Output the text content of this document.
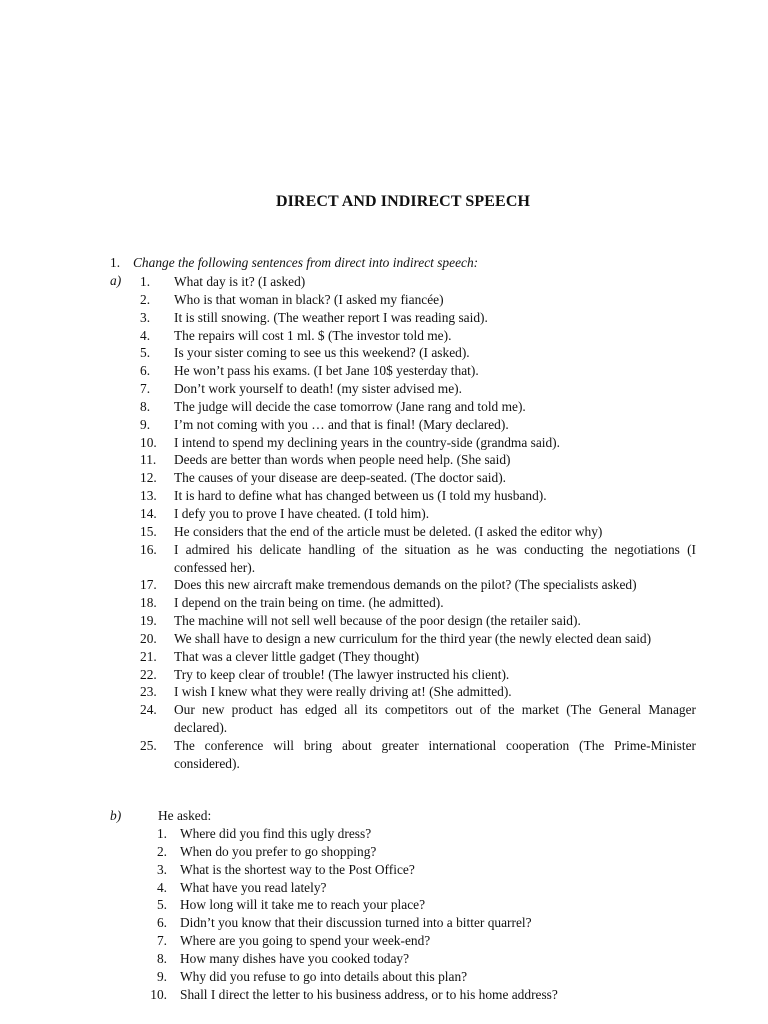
DIRECT AND INDIRECT SPEECH
1. Change the following sentences from direct into indirect speech:
a) 1.	What day is it? (I asked)
2.	Who is that woman in black? (I asked my fiancée)
3.	It is still snowing. (The weather report I was reading said).
4.	The repairs will cost 1 ml. $ (The investor told me).
5.	Is your sister coming to see us this weekend? (I asked).
6.	He won’t pass his exams. (I bet Jane 10$ yesterday that).
7.	Don’t work yourself to death! (my sister advised me).
8.	The judge will decide the case tomorrow (Jane rang and told me).
9.	I’m not coming with you … and that is final! (Mary declared).
10.	I intend to spend my declining years in the country-side (grandma said).
11.	Deeds are better than words when people need help. (She said)
12.	The causes of your disease are deep-seated. (The doctor said).
13.	It is hard to define what has changed between us (I told my husband).
14.	I defy you to prove I have cheated. (I told him).
15.	He considers that the end of the article must be deleted. (I asked the editor why)
16.	I admired his delicate handling of the situation as he was conducting the negotiations (I confessed her).
17.	Does this new aircraft make tremendous demands on the pilot? (The specialists asked)
18.	I depend on the train being on time. (he admitted).
19.	The machine will not sell well because of the poor design (the retailer said).
20.	We shall have to design a new curriculum for the third year (the newly elected dean said)
21.	That was a clever little gadget (They thought)
22.	Try to keep clear of trouble! (The lawyer instructed his client).
23.	I wish I knew what they were really driving at! (She admitted).
24.	Our new product has edged all its competitors out of the market (The General Manager declared).
25.	The conference will bring about greater international cooperation (The Prime-Minister considered).
b)	He asked:
1. Where did you find this ugly dress?
2. When do you prefer to go shopping?
3. What is the shortest way to the Post Office?
4. What have you read lately?
5. How long will it take me to reach your place?
6. Didn’t you know that their discussion turned into a bitter quarrel?
7. Where are you going to spend your week-end?
8. How many dishes have you cooked today?
9. Why did you refuse to go into details about this plan?
10. Shall I direct the letter to his business address, or to his home address?
